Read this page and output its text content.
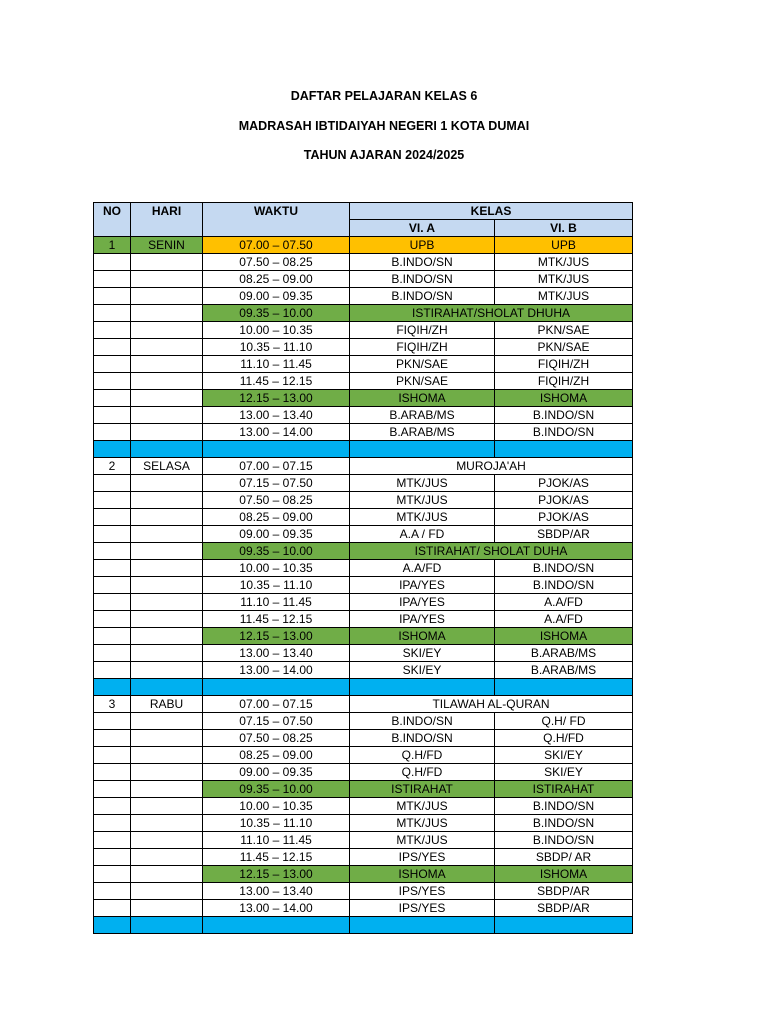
DAFTAR PELAJARAN KELAS 6
MADRASAH IBTIDAIYAH NEGERI 1 KOTA DUMAI
TAHUN AJARAN 2024/2025
NO	HARI	WAKTU	KELAS	
			VI. A	VI. B
1	SENIN	07.00 – 07.50	UPB	UPB
		07.50 – 08.25	B.INDO/SN	MTK/JUS
		08.25 – 09.00	B.INDO/SN	MTK/JUS
		09.00 – 09.35	B.INDO/SN	MTK/JUS
		09.35 – 10.00	ISTIRAHAT/SHOLAT DHUHA	
		10.00 – 10.35	FIQIH/ZH	PKN/SAE
		10.35 – 11.10	FIQIH/ZH	PKN/SAE
		11.10 – 11.45	PKN/SAE	FIQIH/ZH
		11.45 – 12.15	PKN/SAE	FIQIH/ZH
		12.15 – 13.00	ISHOMA	ISHOMA
		13.00 – 13.40	B.ARAB/MS	B.INDO/SN
		13.00 – 14.00	B.ARAB/MS	B.INDO/SN

2	SELASA	07.00 – 07.15	MUROJA'AH	
		07.15 – 07.50	MTK/JUS	PJOK/AS
		07.50 – 08.25	MTK/JUS	PJOK/AS
		08.25 – 09.00	MTK/JUS	PJOK/AS
		09.00 – 09.35	A.A / FD	SBDP/AR
		09.35 – 10.00	ISTIRAHAT/ SHOLAT DUHA	
		10.00 – 10.35	A.A/FD	B.INDO/SN
		10.35 – 11.10	IPA/YES	B.INDO/SN
		11.10 – 11.45	IPA/YES	A.A/FD
		11.45 – 12.15	IPA/YES	A.A/FD
		12.15 – 13.00	ISHOMA	ISHOMA
		13.00 – 13.40	SKI/EY	B.ARAB/MS
		13.00 – 14.00	SKI/EY	B.ARAB/MS

3	RABU	07.00 – 07.15	TILAWAH AL-QURAN	
		07.15 – 07.50	B.INDO/SN	Q.H/ FD
		07.50 – 08.25	B.INDO/SN	Q.H/FD
		08.25 – 09.00	Q.H/FD	SKI/EY
		09.00 – 09.35	Q.H/FD	SKI/EY
		09.35 – 10.00	ISTIRAHAT	ISTIRAHAT
		10.00 – 10.35	MTK/JUS	B.INDO/SN
		10.35 – 11.10	MTK/JUS	B.INDO/SN
		11.10 – 11.45	MTK/JUS	B.INDO/SN
		11.45 – 12.15	IPS/YES	SBDP/ AR
		12.15 – 13.00	ISHOMA	ISHOMA
		13.00 – 13.40	IPS/YES	SBDP/AR
		13.00 – 14.00	IPS/YES	SBDP/AR
